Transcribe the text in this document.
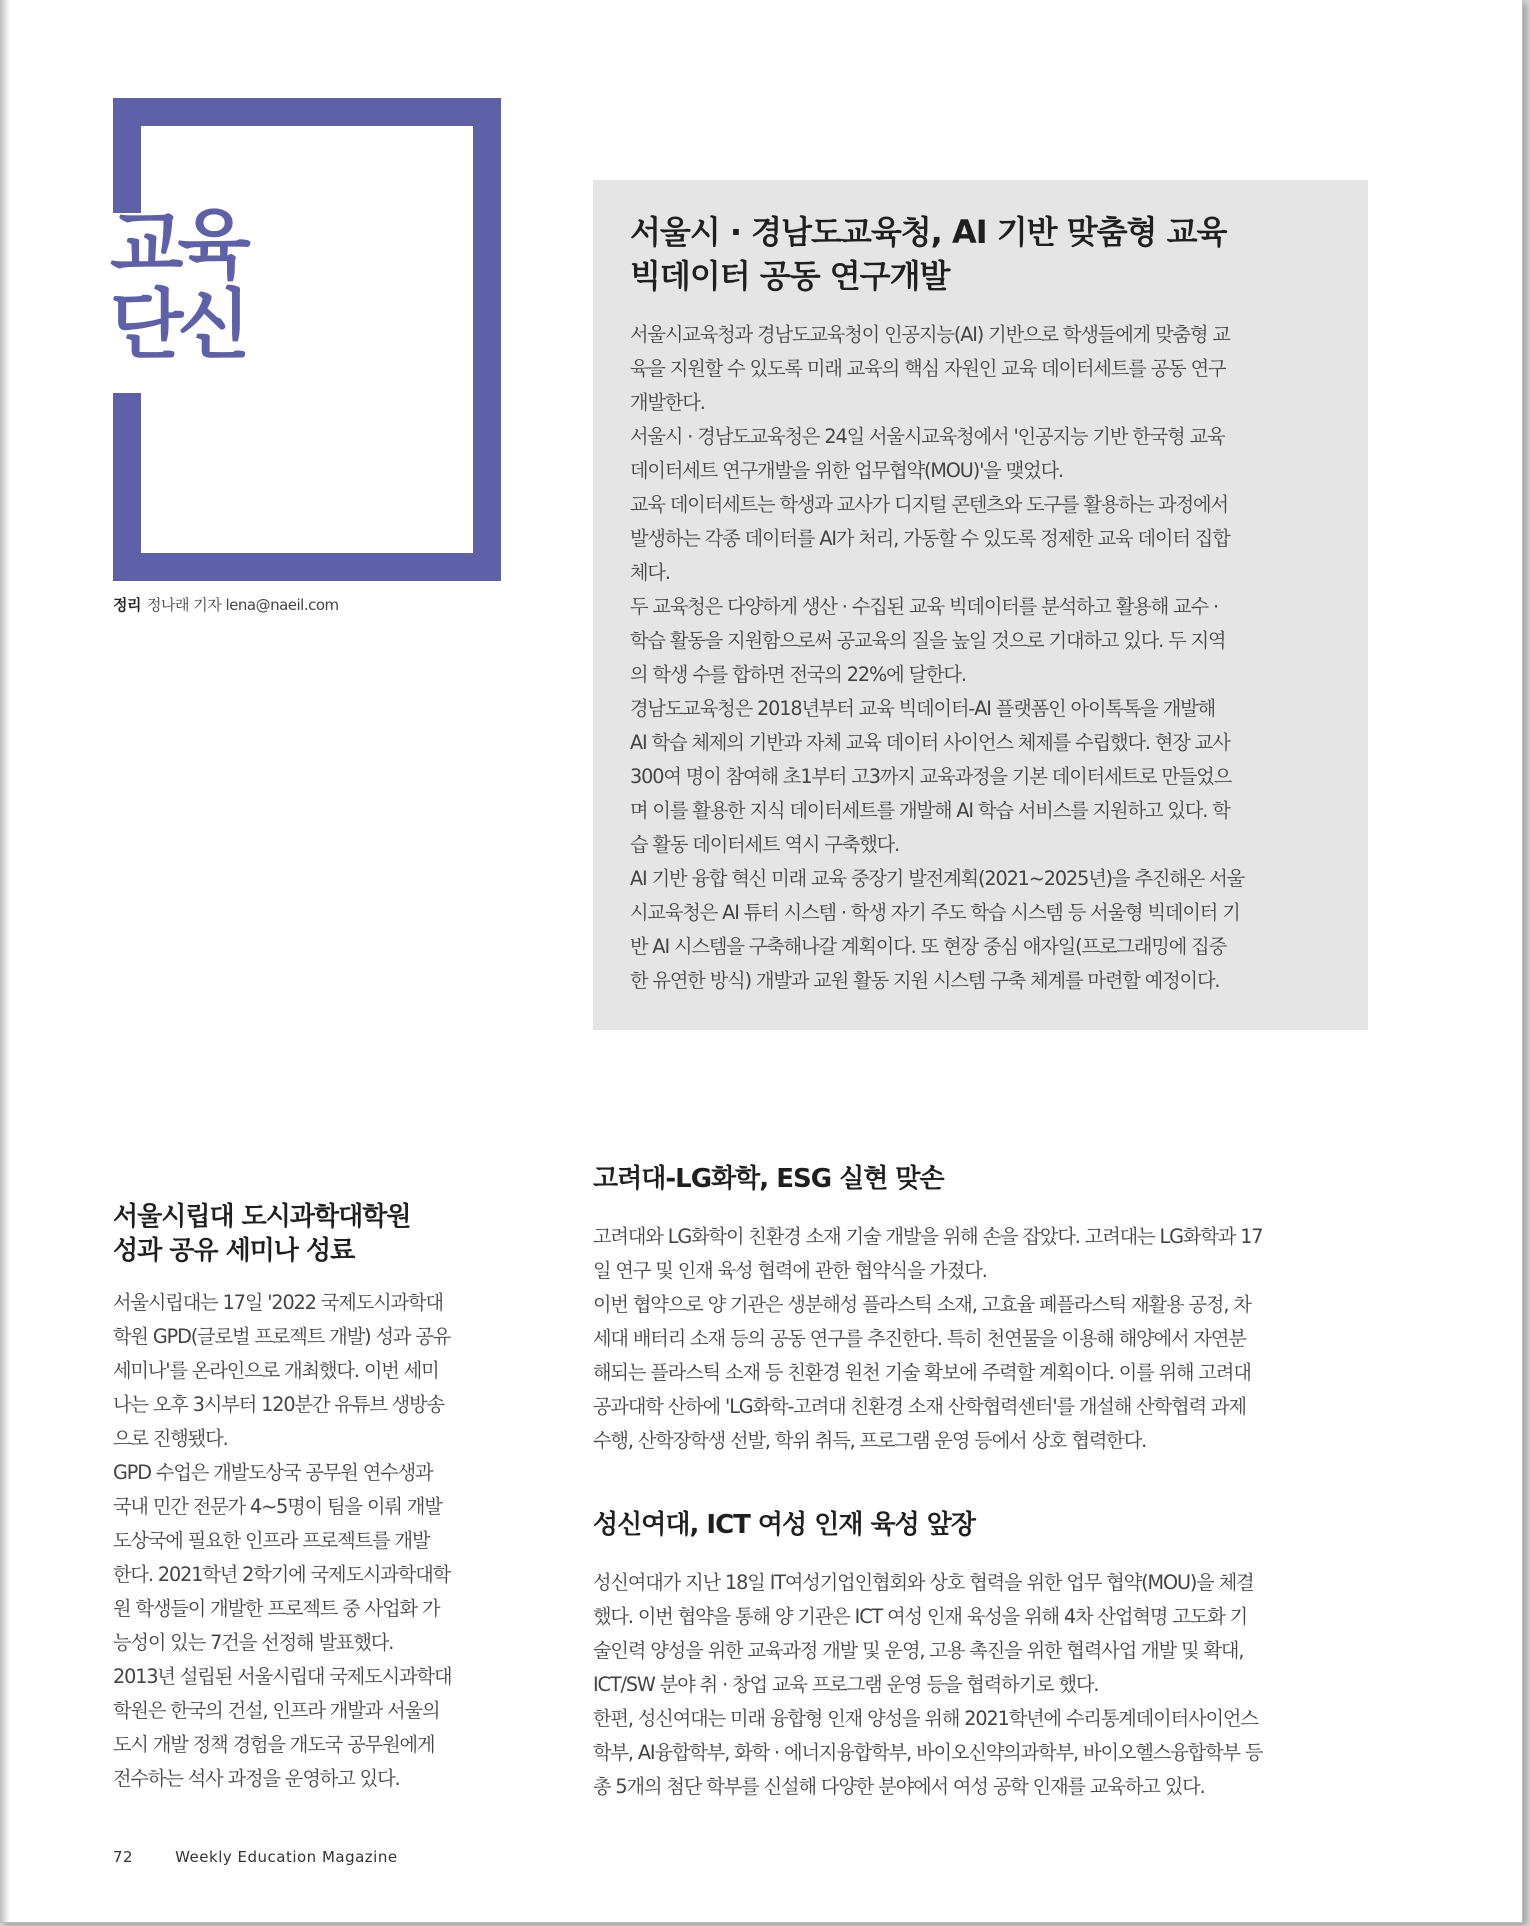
교육
단신
정리 정나래 기자 lena@naeil.com
서울시 · 경남도교육청, AI 기반 맞춤형 교육
빅데이터 공동 연구개발
서울시교육청과 경남도교육청이 인공지능(AI) 기반으로 학생들에게 맞춤형 교
육을 지원할 수 있도록 미래 교육의 핵심 자원인 교육 데이터세트를 공동 연구
개발한다.
서울시 · 경남도교육청은 24일 서울시교육청에서 '인공지능 기반 한국형 교육
데이터세트 연구개발을 위한 업무협약(MOU)'을 맺었다.
교육 데이터세트는 학생과 교사가 디지털 콘텐츠와 도구를 활용하는 과정에서
발생하는 각종 데이터를 AI가 처리, 가동할 수 있도록 정제한 교육 데이터 집합
체다.
두 교육청은 다양하게 생산 · 수집된 교육 빅데이터를 분석하고 활용해 교수 ·
학습 활동을 지원함으로써 공교육의 질을 높일 것으로 기대하고 있다. 두 지역
의 학생 수를 합하면 전국의 22%에 달한다.
경남도교육청은 2018년부터 교육 빅데이터-AI 플랫폼인 아이톡톡을 개발해
AI 학습 체제의 기반과 자체 교육 데이터 사이언스 체제를 수립했다. 현장 교사
300여 명이 참여해 초1부터 고3까지 교육과정을 기본 데이터세트로 만들었으
며 이를 활용한 지식 데이터세트를 개발해 AI 학습 서비스를 지원하고 있다. 학
습 활동 데이터세트 역시 구축했다.
AI 기반 융합 혁신 미래 교육 중장기 발전계획(2021~2025년)을 추진해온 서울
시교육청은 AI 튜터 시스템 · 학생 자기 주도 학습 시스템 등 서울형 빅데이터 기
반 AI 시스템을 구축해나갈 계획이다. 또 현장 중심 애자일(프로그래밍에 집중
한 유연한 방식) 개발과 교원 활동 지원 시스템 구축 체계를 마련할 예정이다.
서울시립대 도시과학대학원
성과 공유 세미나 성료
서울시립대는 17일 '2022 국제도시과학대
학원 GPD(글로벌 프로젝트 개발) 성과 공유
세미나'를 온라인으로 개최했다. 이번 세미
나는 오후 3시부터 120분간 유튜브 생방송
으로 진행됐다.
GPD 수업은 개발도상국 공무원 연수생과
국내 민간 전문가 4~5명이 팀을 이뤄 개발
도상국에 필요한 인프라 프로젝트를 개발
한다. 2021학년 2학기에 국제도시과학대학
원 학생들이 개발한 프로젝트 중 사업화 가
능성이 있는 7건을 선정해 발표했다.
2013년 설립된 서울시립대 국제도시과학대
학원은 한국의 건설, 인프라 개발과 서울의
도시 개발 정책 경험을 개도국 공무원에게
전수하는 석사 과정을 운영하고 있다.
고려대-LG화학, ESG 실현 맞손
고려대와 LG화학이 친환경 소재 기술 개발을 위해 손을 잡았다. 고려대는 LG화학과 17
일 연구 및 인재 육성 협력에 관한 협약식을 가졌다.
이번 협약으로 양 기관은 생분해성 플라스틱 소재, 고효율 폐플라스틱 재활용 공정, 차
세대 배터리 소재 등의 공동 연구를 추진한다. 특히 천연물을 이용해 해양에서 자연분
해되는 플라스틱 소재 등 친환경 원천 기술 확보에 주력할 계획이다. 이를 위해 고려대
공과대학 산하에 'LG화학-고려대 친환경 소재 산학협력센터'를 개설해 산학협력 과제
수행, 산학장학생 선발, 학위 취득, 프로그램 운영 등에서 상호 협력한다.
성신여대, ICT 여성 인재 육성 앞장
성신여대가 지난 18일 IT여성기업인협회와 상호 협력을 위한 업무 협약(MOU)을 체결
했다. 이번 협약을 통해 양 기관은 ICT 여성 인재 육성을 위해 4차 산업혁명 고도화 기
술인력 양성을 위한 교육과정 개발 및 운영, 고용 촉진을 위한 협력사업 개발 및 확대,
ICT/SW 분야 취 · 창업 교육 프로그램 운영 등을 협력하기로 했다.
한편, 성신여대는 미래 융합형 인재 양성을 위해 2021학년에 수리통계데이터사이언스
학부, AI융합학부, 화학 · 에너지융합학부, 바이오신약의과학부, 바이오헬스융합학부 등
총 5개의 첨단 학부를 신설해 다양한 분야에서 여성 공학 인재를 교육하고 있다.
72	Weekly Education Magazine
